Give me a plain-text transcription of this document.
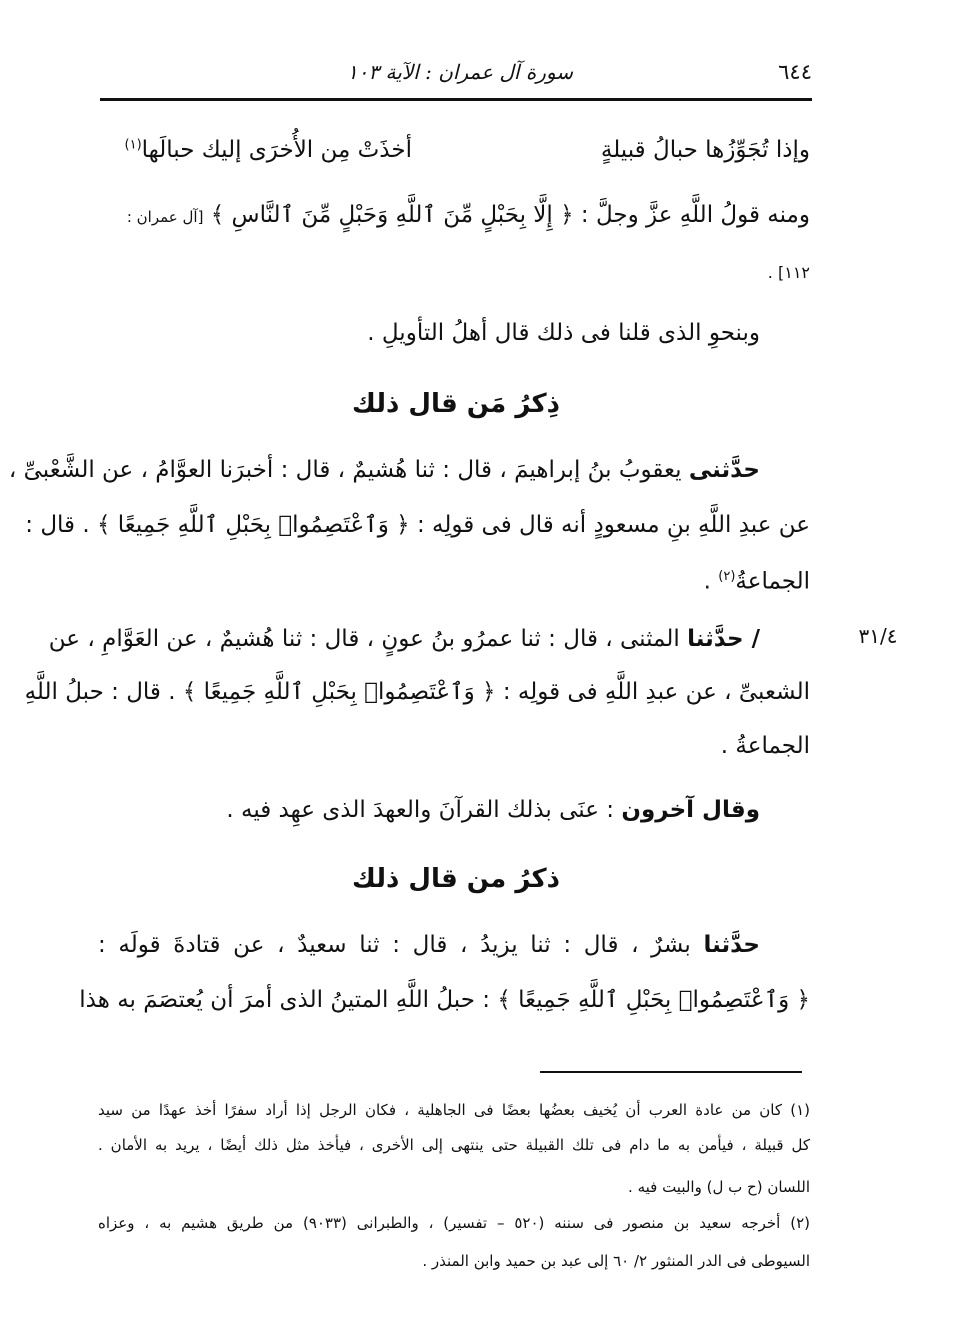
٦٤٤
سورة آل عمران : الآية ١٠٣
وإذا تُجَوِّزُها حبالُ قبيلةٍ
أخذَتْ مِن الأُخرَى إليك حبالَها$^{(١)}$
ومنه قولُ اللَّهِ عزَّ وجلَّ : ﴿ إِلَّا بِحَبْلٍ مِّنَ ٱللَّهِ وَحَبْلٍ مِّنَ ٱلنَّاسِ ﴾ [آل عمران :
١١٢] .
وبنحوِ الذى قلنا فى ذلك قال أهلُ التأويلِ .
ذِكرُ مَن قال ذلك
حدَّثنى يعقوبُ بنُ إبراهيمَ ، قال : ثنا هُشيمٌ ، قال : أخبرَنا العوَّامُ ، عن الشَّعْبىِّ ،
عن عبدِ اللَّهِ بنِ مسعودٍ أنه قال فى قولِه : ﴿ وَٱعْتَصِمُوا۟ بِحَبْلِ ٱللَّهِ جَمِيعًا ﴾ . قال :
الجماعةُ$^{(٢)}$ .
٣١/٤
/ حدَّثنا المثنى ، قال : ثنا عمرُو بنُ عونٍ ، قال : ثنا هُشيمٌ ، عن العَوَّامِ ، عن
الشعبىِّ ، عن عبدِ اللَّهِ فى قولِه : ﴿ وَٱعْتَصِمُوا۟ بِحَبْلِ ٱللَّهِ جَمِيعًا ﴾ . قال : حبلُ اللَّهِ
الجماعةُ .
وقال آخرون : عنَى بذلك القرآنَ والعهدَ الذى عهِد فيه .
ذكرُ من قال ذلك
حدَّثنا بشرٌ ، قال : ثنا يزيدُ ، قال : ثنا سعيدٌ ، عن قتادةَ قولَه :
﴿ وَٱعْتَصِمُوا۟ بِحَبْلِ ٱللَّهِ جَمِيعًا ﴾ : حبلُ اللَّهِ المتينُ الذى أمرَ أن يُعتصَمَ به هذا
(١) كان من عادة العرب أن يُخيف بعضُها بعضًا فى الجاهلية ، فكان الرجل إذا أراد سفرًا أخذ عهدًا من سيد
كل قبيلة ، فيأمن به ما دام فى تلك القبيلة حتى ينتهى إلى الأخرى ، فيأخذ مثل ذلك أيضًا ، يريد به الأمان .
اللسان (ح ب ل) والبيت فيه .
(٢) أخرجه سعيد بن منصور فى سننه (٥٢٠ – تفسير) ، والطبرانى (٩٠٣٣) من طريق هشيم به ، وعزاه
السيوطى فى الدر المنثور ٢/ ٦٠ إلى عبد بن حميد وابن المنذر .
